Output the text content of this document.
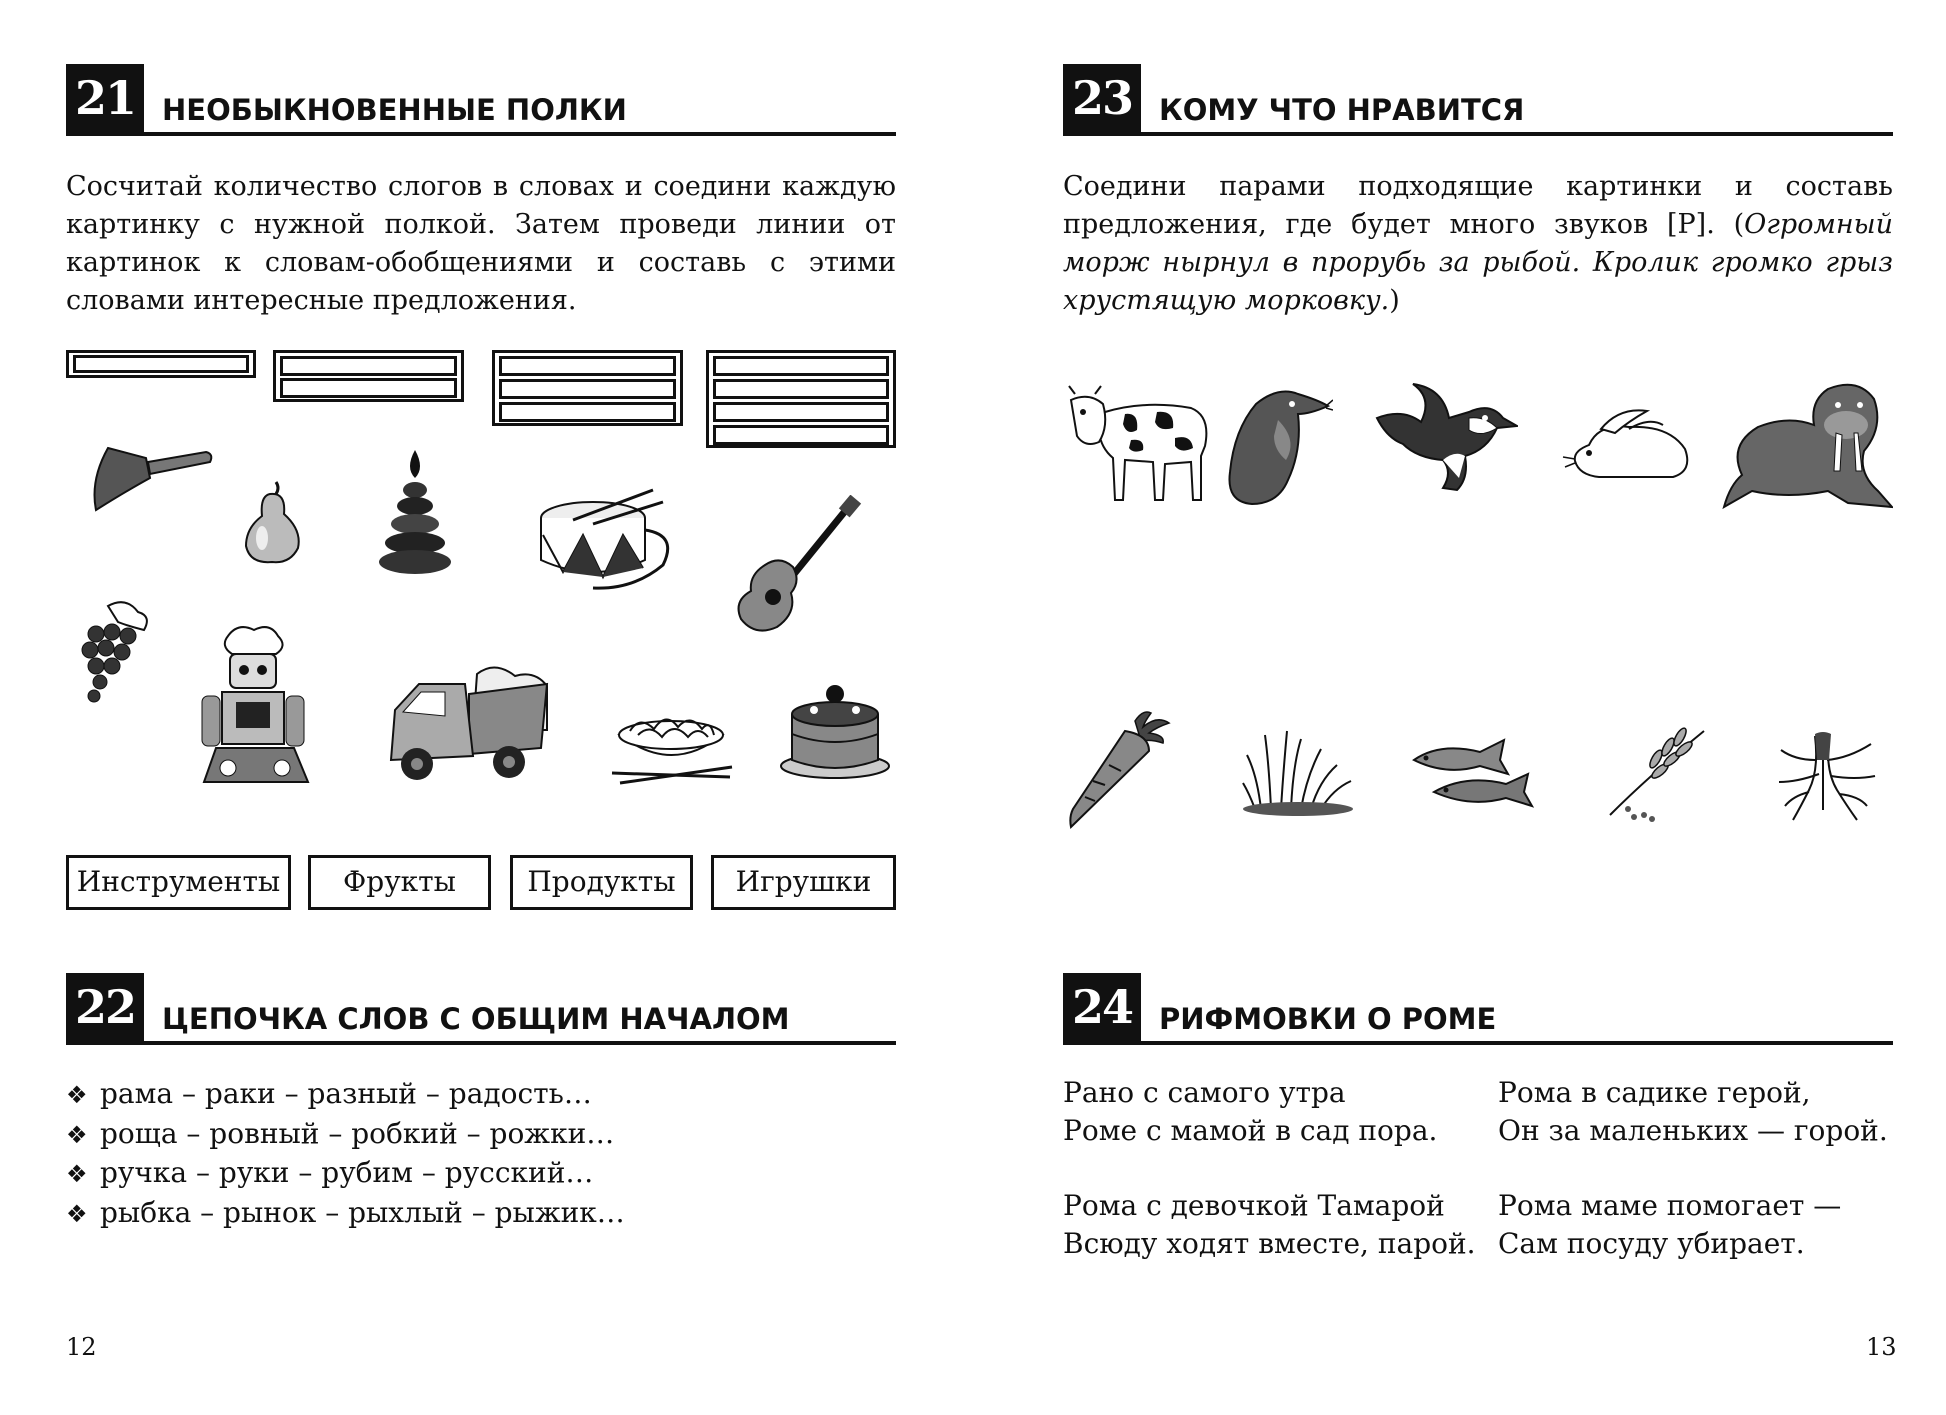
21 НЕОБЫКНОВЕННЫЕ ПОЛКИ
Сосчитай количество слогов в словах и соедини каждую картинку с нужной полкой. Затем проведи линии от картинок к словам-обобщениями и составь с этими словами интересные предложения.
Инструменты	Фрукты	Продукты	Игрушки
22 ЦЕПОЧКА СЛОВ С ОБЩИМ НАЧАЛОМ
❖ рама – раки – разный – радость…
❖ роща – ровный – робкий – рожки…
❖ ручка – руки – рубим – русский…
❖ рыбка – рынок – рыхлый – рыжик…
12
23 КОМУ ЧТО НРАВИТСЯ
Соедини парами подходящие картинки и составь предложения, где будет много звуков [Р]. (Огромный морж нырнул в прорубь за рыбой. Кролик громко грыз хрустящую морковку.)
24 РИФМОВКИ О РОМЕ
Рано с самого утра
Роме с мамой в сад пора.
Рома в садике герой,
Он за маленьких — горой.
Рома с девочкой Тамарой
Всюду ходят вместе, парой.
Рома маме помогает —
Сам посуду убирает.
13
